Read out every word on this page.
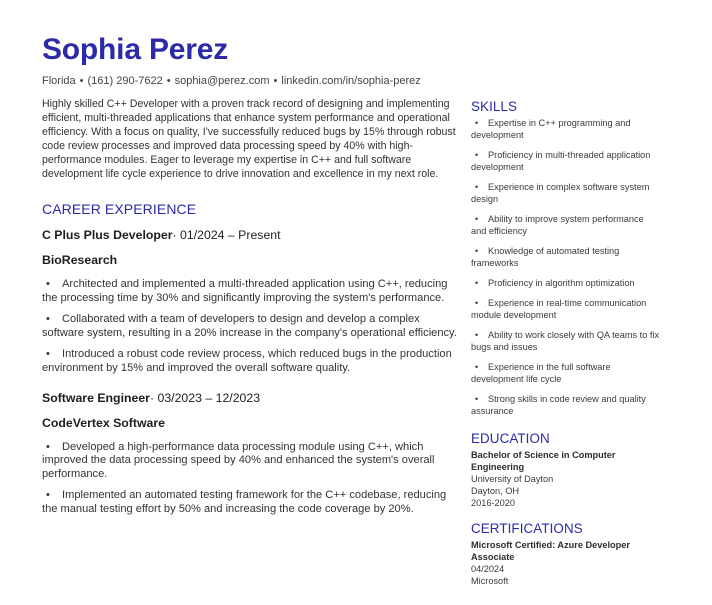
Sophia Perez
Florida • (161) 290-7622 • sophia@perez.com • linkedin.com/in/sophia-perez

Highly skilled C++ Developer with a proven track record of designing and implementing efficient, multi-threaded applications that enhance system performance and operational efficiency. With a focus on quality, I've successfully reduced bugs by 15% through robust code review processes and improved data processing speed by 40% with high-performance modules. Eager to leverage my expertise in C++ and full software development life cycle experience to drive innovation and excellence in my next role.

CAREER EXPERIENCE

C Plus Plus Developer· 01/2024 – Present

BioResearch

• Architected and implemented a multi-threaded application using C++, reducing the processing time by 30% and significantly improving the system's performance.
• Collaborated with a team of developers to design and develop a complex software system, resulting in a 20% increase in the company's operational efficiency.
• Introduced a robust code review process, which reduced bugs in the production environment by 15% and improved the overall software quality.

Software Engineer· 03/2023 – 12/2023

CodeVertex Software

• Developed a high-performance data processing module using C++, which improved the data processing speed by 40% and enhanced the system's overall performance.
• Implemented an automated testing framework for the C++ codebase, reducing the manual testing effort by 50% and increasing the code coverage by 20%.
SKILLS
• Expertise in C++ programming and development
• Proficiency in multi-threaded application development
• Experience in complex software system design
• Ability to improve system performance and efficiency
• Knowledge of automated testing frameworks
• Proficiency in algorithm optimization
• Experience in real-time communication module development
• Ability to work closely with QA teams to fix bugs and issues
• Experience in the full software development life cycle
• Strong skills in code review and quality assurance
EDUCATION
Bachelor of Science in Computer Engineering
University of Dayton
Dayton, OH
2016-2020
CERTIFICATIONS
Microsoft Certified: Azure Developer Associate
04/2024
Microsoft
